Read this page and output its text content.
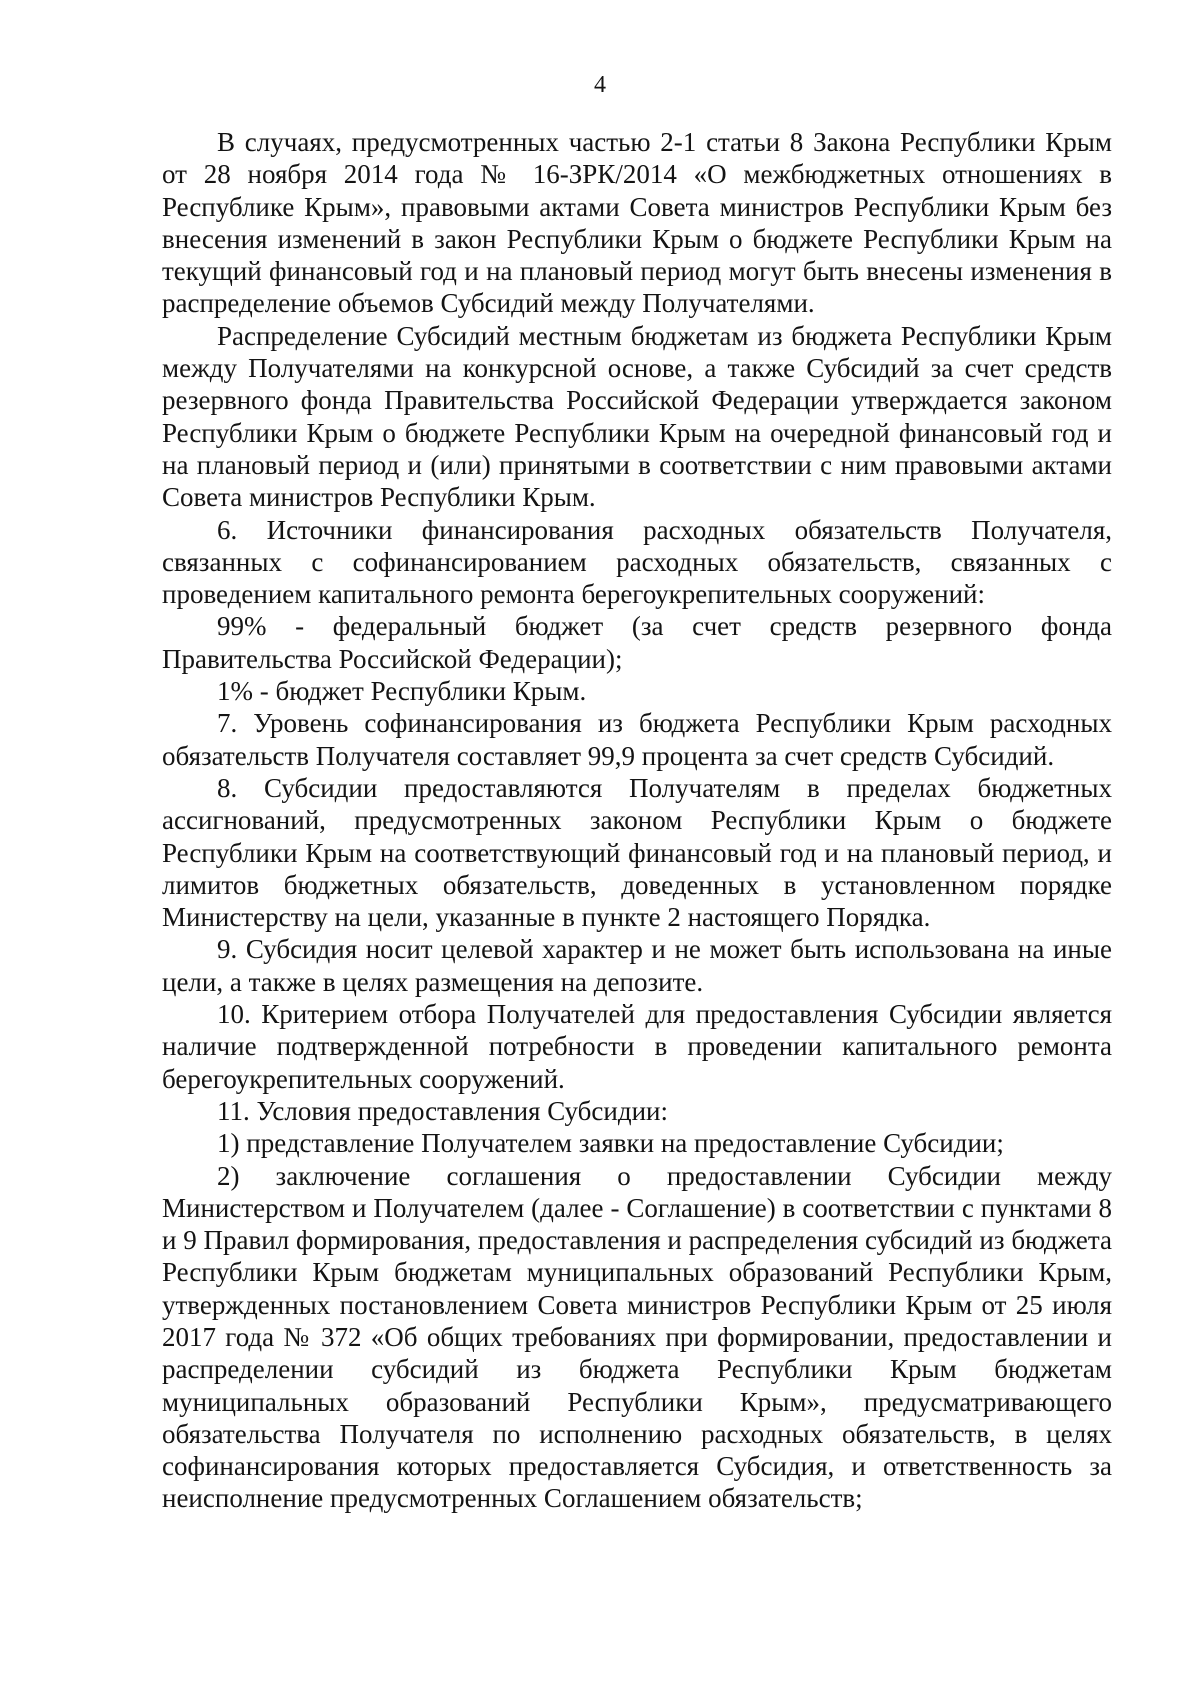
4

В случаях, предусмотренных частью 2-1 статьи 8 Закона Республики Крым от 28 ноября 2014 года № 16-ЗРК/2014 «О межбюджетных отношениях в Республике Крым», правовыми актами Совета министров Республики Крым без внесения изменений в закон Республики Крым о бюджете Республики Крым на текущий финансовый год и на плановый период могут быть внесены изменения в распределение объемов Субсидий между Получателями.

Распределение Субсидий местным бюджетам из бюджета Республики Крым между Получателями на конкурсной основе, а также Субсидий за счет средств резервного фонда Правительства Российской Федерации утверждается законом Республики Крым о бюджете Республики Крым на очередной финансовый год и на плановый период и (или) принятыми в соответствии с ним правовыми актами Совета министров Республики Крым.

6. Источники финансирования расходных обязательств Получателя, связанных с софинансированием расходных обязательств, связанных с проведением капитального ремонта берегоукрепительных сооружений:

99% - федеральный бюджет (за счет средств резервного фонда Правительства Российской Федерации);

1% - бюджет Республики Крым.

7. Уровень софинансирования из бюджета Республики Крым расходных обязательств Получателя составляет 99,9 процента за счет средств Субсидий.

8. Субсидии предоставляются Получателям в пределах бюджетных ассигнований, предусмотренных законом Республики Крым о бюджете Республики Крым на соответствующий финансовый год и на плановый период, и лимитов бюджетных обязательств, доведенных в установленном порядке Министерству на цели, указанные в пункте 2 настоящего Порядка.

9. Субсидия носит целевой характер и не может быть использована на иные цели, а также в целях размещения на депозите.

10. Критерием отбора Получателей для предоставления Субсидии является наличие подтвержденной потребности в проведении капитального ремонта берегоукрепительных сооружений.

11. Условия предоставления Субсидии:

1) представление Получателем заявки на предоставление Субсидии;

2) заключение соглашения о предоставлении Субсидии между Министерством и Получателем (далее - Соглашение) в соответствии с пунктами 8 и 9 Правил формирования, предоставления и распределения субсидий из бюджета Республики Крым бюджетам муниципальных образований Республики Крым, утвержденных постановлением Совета министров Республики Крым от 25 июля 2017 года № 372 «Об общих требованиях при формировании, предоставлении и распределении субсидий из бюджета Республики Крым бюджетам муниципальных образований Республики Крым», предусматривающего обязательства Получателя по исполнению расходных обязательств, в целях софинансирования которых предоставляется Субсидия, и ответственность за неисполнение предусмотренных Соглашением обязательств;
